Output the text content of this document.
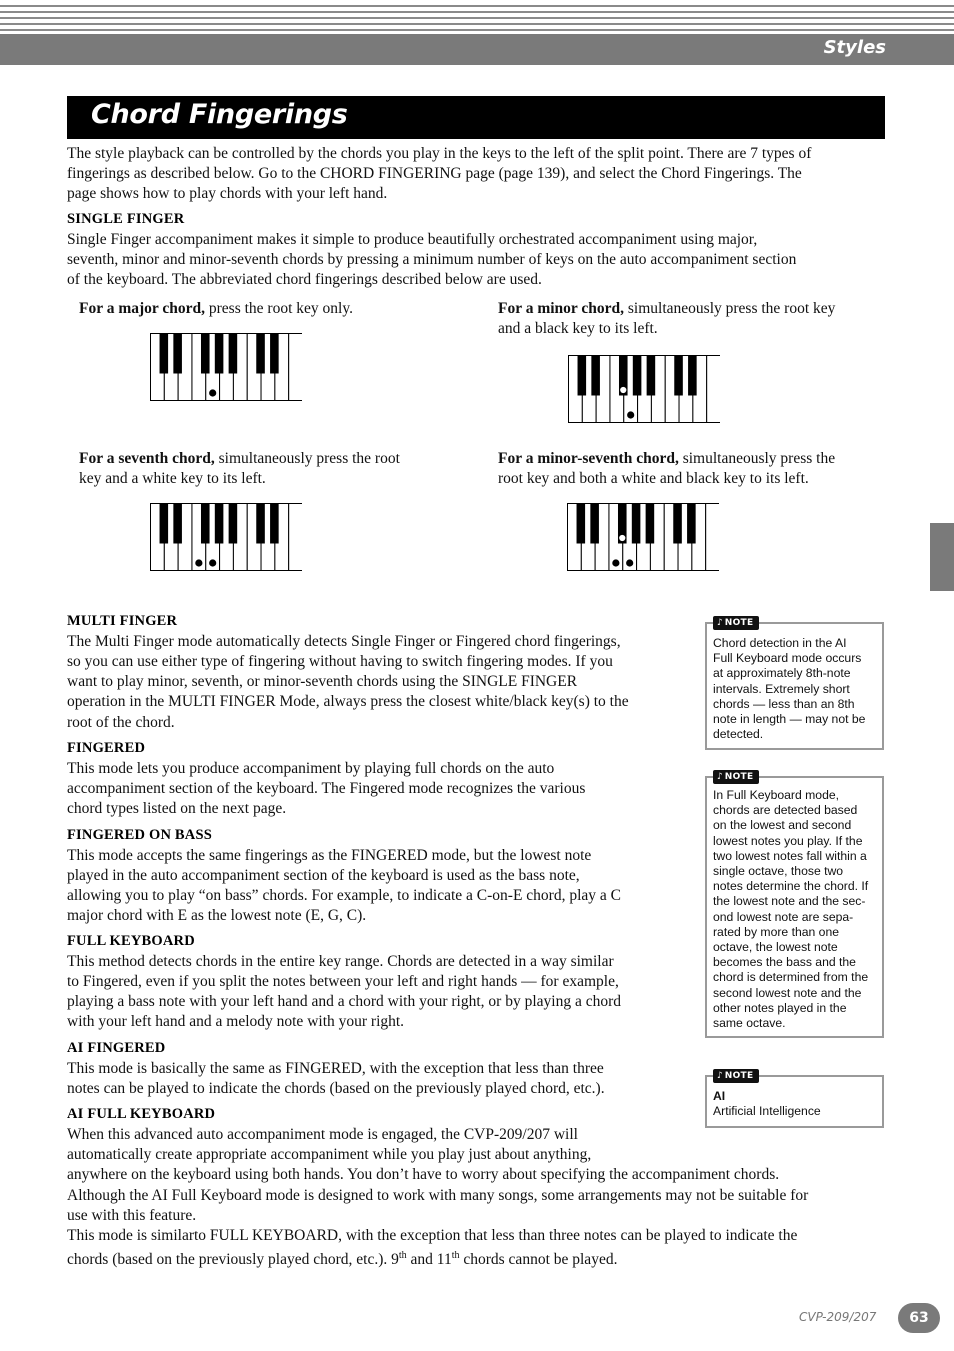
Styles
Chord Fingerings
The style playback can be controlled by the chords you play in the keys to the left of the split point. There are 7 types of
fingerings as described below. Go to the CHORD FINGERING page (page 139), and select the Chord Fingerings. The
page shows how to play chords with your left hand.
SINGLE FINGER
Single Finger accompaniment makes it simple to produce beautifully orchestrated accompaniment using major,
seventh, minor and minor-seventh chords by pressing a minimum number of keys on the auto accompaniment section
of the keyboard. The abbreviated chord fingerings described below are used.
For a major chord, press the root key only.	For a minor chord, simultaneously press the root key
and a black key to its left.
For a seventh chord, simultaneously press the root
key and a white key to its left.
For a minor-seventh chord, simultaneously press the
root key and both a white and black key to its left.
MULTI FINGER
The Multi Finger mode automatically detects Single Finger or Fingered chord fingerings,
so you can use either type of fingering without having to switch fingering modes. If you
want to play minor, seventh, or minor-seventh chords using the SINGLE FINGER
operation in the MULTI FINGER Mode, always press the closest white/black key(s) to the
root of the chord.
FINGERED
This mode lets you produce accompaniment by playing full chords on the auto
accompaniment section of the keyboard. The Fingered mode recognizes the various
chord types listed on the next page.
FINGERED ON BASS
This mode accepts the same fingerings as the FINGERED mode, but the lowest note
played in the auto accompaniment section of the keyboard is used as the bass note,
allowing you to play “on bass” chords. For example, to indicate a C-on-E chord, play a C
major chord with E as the lowest note (E, G, C).
FULL KEYBOARD
This method detects chords in the entire key range. Chords are detected in a way similar
to Fingered, even if you split the notes between your left and right hands — for example,
playing a bass note with your left hand and a chord with your right, or by playing a chord
with your left hand and a melody note with your right.
AI FINGERED
This mode is basically the same as FINGERED, with the exception that less than three
notes can be played to indicate the chords (based on the previously played chord, etc.).
AI FULL KEYBOARD
When this advanced auto accompaniment mode is engaged, the CVP-209/207 will
automatically create appropriate accompaniment while you play just about anything,
anywhere on the keyboard using both hands. You don’t have to worry about specifying the accompaniment chords.
Although the AI Full Keyboard mode is designed to work with many songs, some arrangements may not be suitable for
use with this feature.
This mode is similarto FULL KEYBOARD, with the exception that less than three notes can be played to indicate the
chords (based on the previously played chord, etc.). 9th and 11th chords cannot be played.
♪ NOTE
Chord detection in the AI
Full Keyboard mode occurs
at approximately 8th-note
intervals. Extremely short
chords — less than an 8th
note in length — may not be
detected.
♪ NOTE
In Full Keyboard mode,
chords are detected based
on the lowest and second
lowest notes you play. If the
two lowest notes fall within a
single octave, those two
notes determine the chord. If
the lowest note and the sec-
ond lowest note are sepa-
rated by more than one
octave, the lowest note
becomes the bass and the
chord is determined from the
second lowest note and the
other notes played in the
same octave.
♪ NOTE
AI
Artificial Intelligence
CVP-209/207	63
